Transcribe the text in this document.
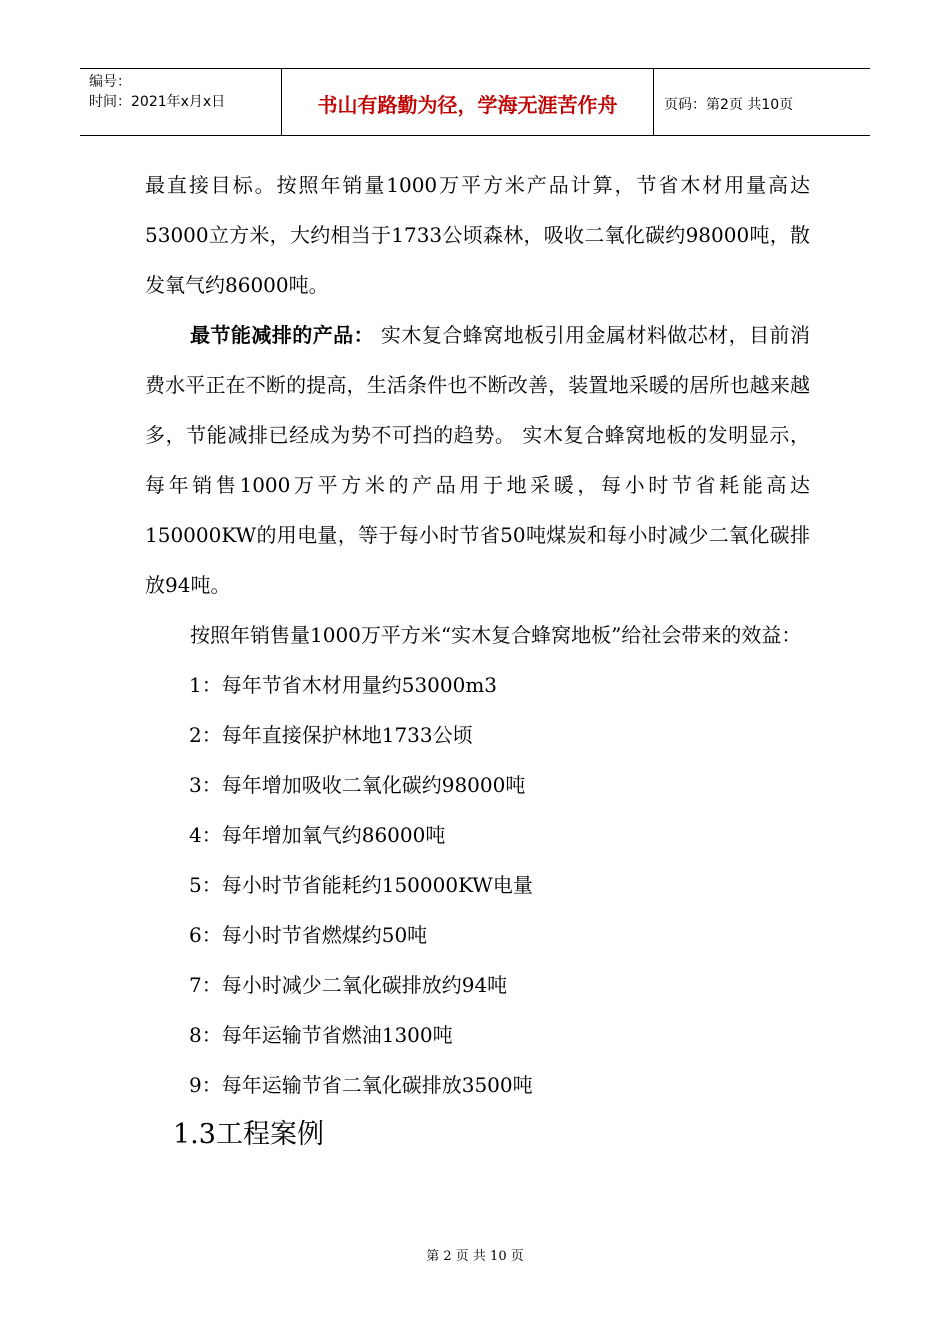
编号：
时间：2021年x月x日	书山有路勤为径，学海无涯苦作舟	页码：第2页 共10页

最直接目标。按照年销量1000万平方米产品计算，节省木材用量高达53000立方米，大约相当于1733公顷森林，吸收二氧化碳约98000吨，散发氧气约86000吨。

最节能减排的产品： 实木复合蜂窝地板引用金属材料做芯材，目前消费水平正在不断的提高，生活条件也不断改善，装置地采暖的居所也越来越多，节能减排已经成为势不可挡的趋势。 实木复合蜂窝地板的发明显示，每年销售1000万平方米的产品用于地采暖，每小时节省耗能高达150000KW的用电量，等于每小时节省50吨煤炭和每小时减少二氧化碳排放94吨。

按照年销售量1000万平方米“实木复合蜂窝地板”给社会带来的效益：

1：每年节省木材用量约53000m3
2：每年直接保护林地1733公顷
3：每年增加吸收二氧化碳约98000吨
4：每年增加氧气约86000吨
5：每小时节省能耗约150000KW电量
6：每小时节省燃煤约50吨
7：每小时减少二氧化碳排放约94吨
8：每年运输节省燃油1300吨
9：每年运输节省二氧化碳排放3500吨
1.3工程案例
第 2 页 共 10 页
